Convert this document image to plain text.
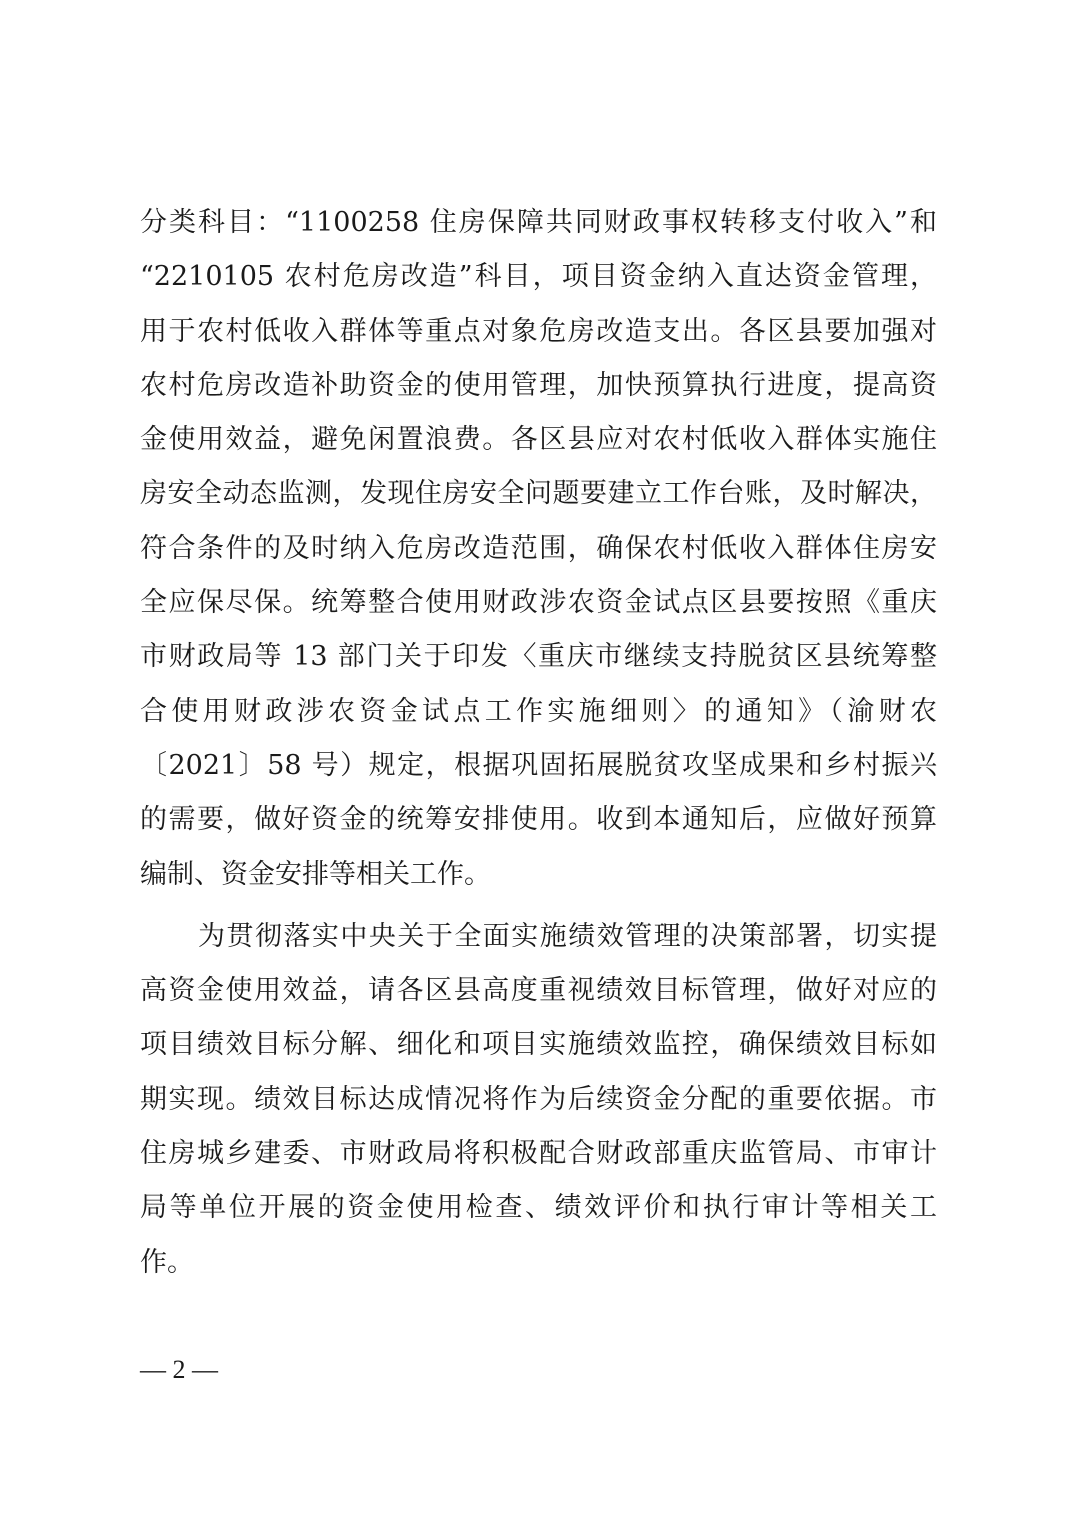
分类科目：“1100258 住房保障共同财政事权转移支付收入”和
“2210105 农村危房改造”科目，项目资金纳入直达资金管理，
用于农村低收入群体等重点对象危房改造支出。各区县要加强对
农村危房改造补助资金的使用管理，加快预算执行进度，提高资
金使用效益，避免闲置浪费。各区县应对农村低收入群体实施住
房安全动态监测，发现住房安全问题要建立工作台账，及时解决，
符合条件的及时纳入危房改造范围，确保农村低收入群体住房安
全应保尽保。统筹整合使用财政涉农资金试点区县要按照《重庆
市财政局等 13 部门关于印发〈重庆市继续支持脱贫区县统筹整
合使用财政涉农资金试点工作实施细则〉的通知》（渝财农
〔2021〕58 号）规定，根据巩固拓展脱贫攻坚成果和乡村振兴
的需要，做好资金的统筹安排使用。收到本通知后，应做好预算
编制、资金安排等相关工作。
为贯彻落实中央关于全面实施绩效管理的决策部署，切实提
高资金使用效益，请各区县高度重视绩效目标管理，做好对应的
项目绩效目标分解、细化和项目实施绩效监控，确保绩效目标如
期实现。绩效目标达成情况将作为后续资金分配的重要依据。市
住房城乡建委、市财政局将积极配合财政部重庆监管局、市审计
局等单位开展的资金使用检查、绩效评价和执行审计等相关工
作。
— 2 —
